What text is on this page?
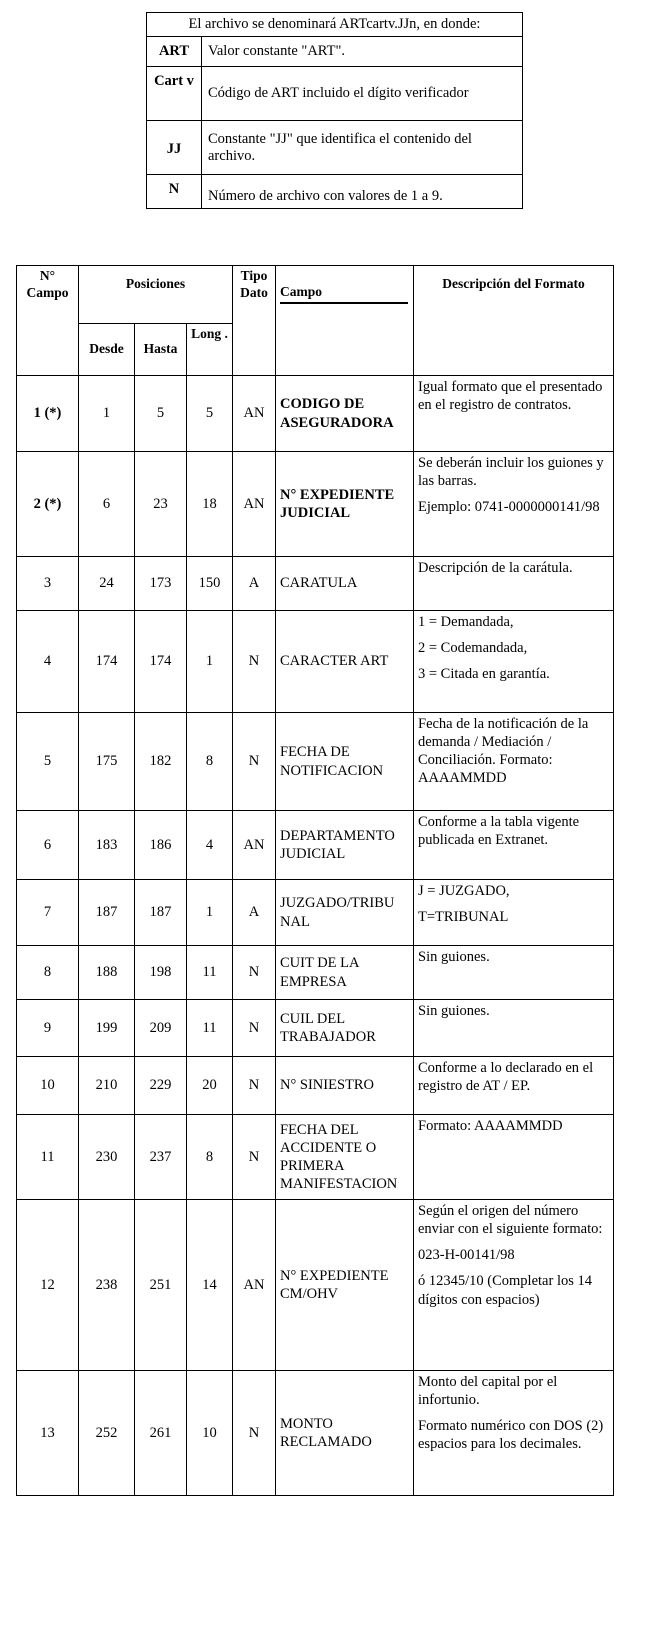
El archivo se denominará ARTcartv.JJn, en donde:	
ART	Valor constante "ART".
Cart v	Código de ART incluido el dígito verificador
JJ	Constante "JJ" que identifica el contenido del archivo.
N	Número de archivo con valores de 1 a 9.
N° Campo	Posiciones			Tipo Dato	Campo	Descripción del Formato
	Desde	Hasta	Long .			
1 (*)	1	5	5	AN	CODIGO DE ASEGURADORA	Igual formato que el presentado en el registro de contratos.

2 (*)	6	23	18	AN	N° EXPEDIENTE JUDICIAL	Se deberán incluir los guiones y las barras.

Ejemplo: 0741-0000000141/98

3	24	173	150	A	CARATULA	Descripción de la carátula.

4	174	174	1	N	CARACTER ART	1 = Demandada,

2 = Codemandada,

3 = Citada en garantía.

5	175	182	8	N	FECHA DE NOTIFICACION	Fecha de la notificación de la demanda / Mediación / Conciliación. Formato: AAAAMMDD

6	183	186	4	AN	DEPARTAMENTO JUDICIAL	Conforme a la tabla vigente publicada en Extranet.

7	187	187	1	A	JUZGADO/TRIBU NAL	J = JUZGADO,

T=TRIBUNAL

8	188	198	11	N	CUIT DE LA EMPRESA	Sin guiones.

9	199	209	11	N	CUIL DEL TRABAJADOR	Sin guiones.

10	210	229	20	N	N° SINIESTRO	Conforme a lo declarado en el registro de AT / EP.

11	230	237	8	N	FECHA DEL ACCIDENTE O PRIMERA MANIFESTACION	Formato: AAAAMMDD

12	238	251	14	AN	N° EXPEDIENTE CM/OHV	Según el origen del número enviar con el siguiente formato:

023-H-00141/98

ó 12345/10 (Completar los 14 dígitos con espacios)

13	252	261	10	N	MONTO RECLAMADO	Monto del capital por el infortunio.

Formato numérico con DOS (2) espacios para los decimales.
